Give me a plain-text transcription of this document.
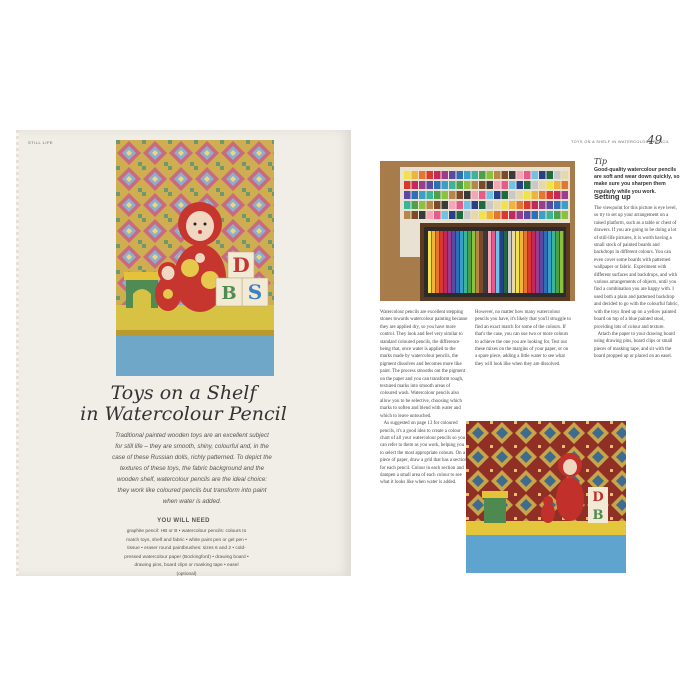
STILL LIFE
D
S
B
Toys on a Shelf
in Watercolour Pencil
Traditional painted wooden toys are an excellent subject for still life – they are smooth, shiny, colourful and, in the case of these Russian dolls, richly patterned. To depict the textures of these toys, the fabric background and the wooden shelf, watercolour pencils are the ideal choice: they work like coloured pencils but transform into paint when water is added.
YOU WILL NEED
graphite pencil: HB or B • watercolour pencils: colours to match toys, shelf and fabric • white paint pen or gel pen • tissue • eraser round paintbrushes: sizes 6 and 2 • cold-pressed watercolour paper (Bockingford) • drawing board • drawing pins, board clips or masking tape • easel (optional)
TOYS ON A SHELF IN WATERCOLOUR PENCIL
49
D
B
Watercolour pencils are excellent stepping stones towards watercolour painting because they are applied dry, so you have more control. They look and feel very similar to standard coloured pencils, the difference being that, once water is applied to the marks made by watercolour pencils, the pigment dissolves and becomes more like paint. The process smooths out the pigment on the paper and you can transform rough, textured marks into smooth areas of coloured wash. Watercolour pencils also allow you to be selective, choosing which marks to soften and blend with water and which to leave untouched.
As suggested on page 13 for coloured pencils, it's a good idea to create a colour chart of all your watercolour pencils so you can refer to them as you work, helping you to select the most appropriate colours. On a piece of paper, draw a grid that has a section for each pencil. Colour in each section and dampen a small area of each colour to see what it looks like when water is added.
However, no matter how many watercolour pencils you have, it's likely that you'll struggle to find an exact match for some of the colours. If that's the case, you can use two or more colours to achieve the one you are looking for. Test out these mixes on the margins of your paper, or on a spare piece, adding a little water to see what they will look like when they are dissolved.
Tip
Good-quality watercolour pencils are soft and wear down quickly, so make sure you sharpen them regularly while you work.
Setting up
The viewpoint for this picture is eye level, so try to set up your arrangement on a raised platform, such as a table or chest of drawers. If you are going to be doing a lot of still-life pictures, it is worth having a small stock of painted boards and backdrops in different colours. You can even cover some boards with patterned wallpaper or fabric. Experiment with different surfaces and backdrops, and with various arrangements of objects, until you find a combination you are happy with. I used both a plain and patterned backdrop and decided to go with the colourful fabric, with the toys lined up on a yellow painted board on top of a blue painted stool, providing lots of colour and texture.
Attach the paper to your drawing board using drawing pins, board clips or small pieces of masking tape, and sit with the board propped up or placed on an easel.
